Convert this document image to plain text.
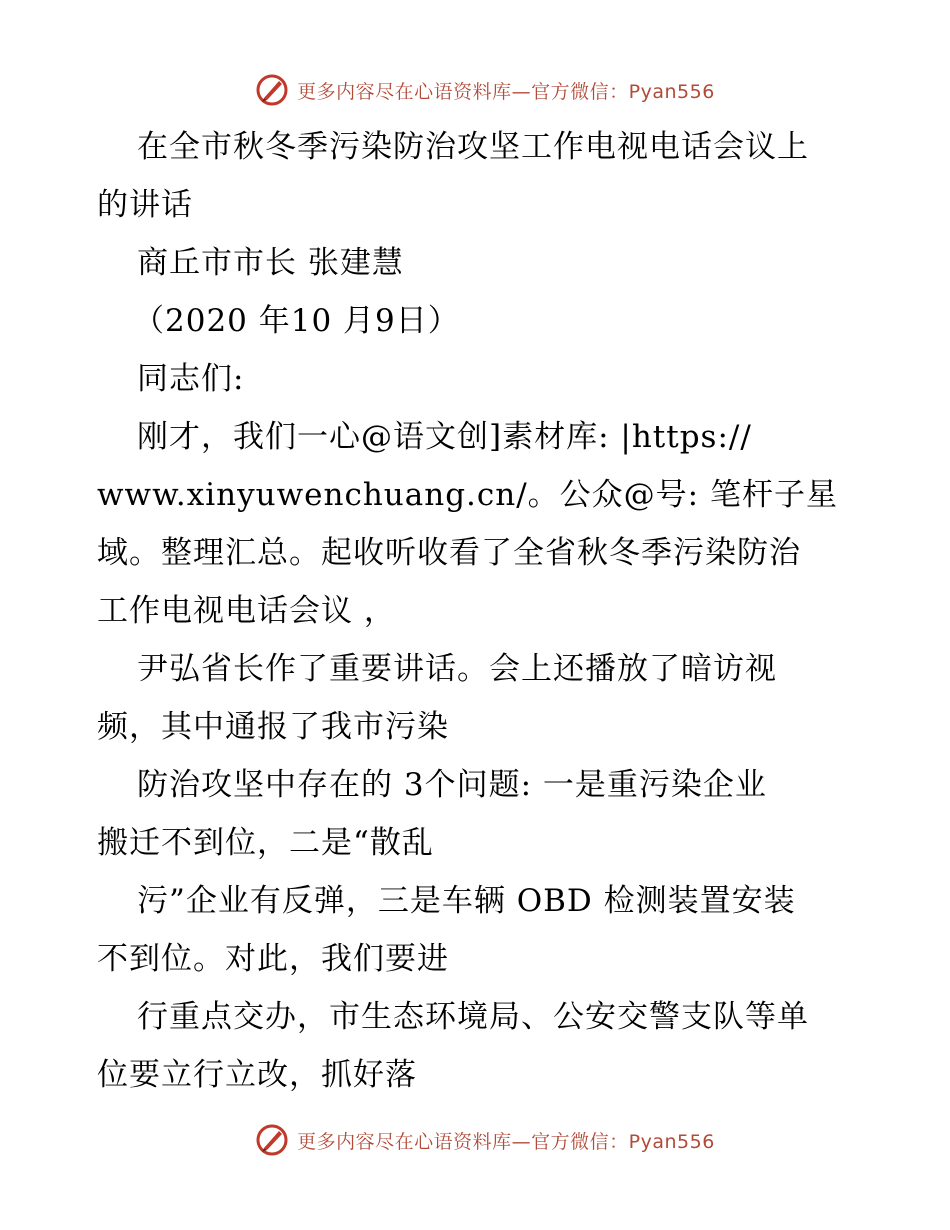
更多内容尽在心语资料库—官方微信：Pyan556
在全市秋冬季污染防治攻坚工作电视电话会议上
的讲话
商丘市市长 张建慧
（2020 年10 月9日）
同志们:
刚才，我们一心@语文创]素材库: |https://
www.xinyuwenchuang.cn/。公众@号: 笔杆子星
域。整理汇总。起收听收看了全省秋冬季污染防治
工作电视电话会议 ，
尹弘省长作了重要讲话。会上还播放了暗访视
频，其中通报了我市污染
防治攻坚中存在的 3个问题: 一是重污染企业
搬迁不到位，二是“散乱
污”企业有反弹，三是车辆 OBD 检测装置安装
不到位。对此，我们要进
行重点交办，市生态环境局、公安交警支队等单
位要立行立改，抓好落
更多内容尽在心语资料库—官方微信：Pyan556
